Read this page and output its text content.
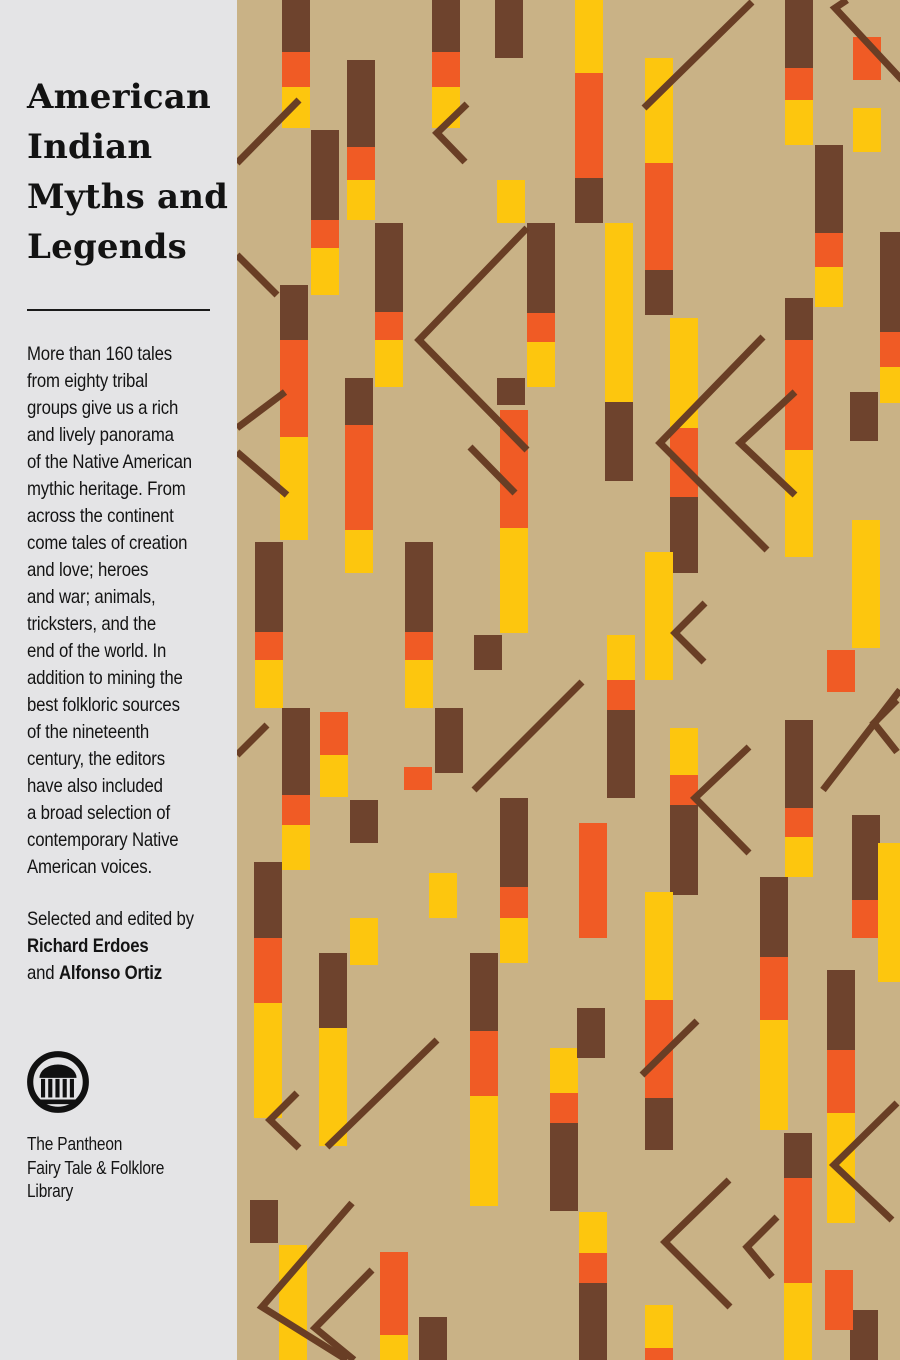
American
Indian
Myths and
Legends
More than 160 tales
from eighty tribal
groups give us a rich
and lively panorama
of the Native American
mythic heritage. From
across the continent
come tales of creation
and love; heroes
and war; animals,
tricksters, and the
end of the world. In
addition to mining the
best folkloric sources
of the nineteenth
century, the editors
have also included
a broad selection of
contemporary Native
American voices.
Selected and edited by
Richard Erdoes
and Alfonso Ortiz
The Pantheon
Fairy Tale & Folklore
Library
